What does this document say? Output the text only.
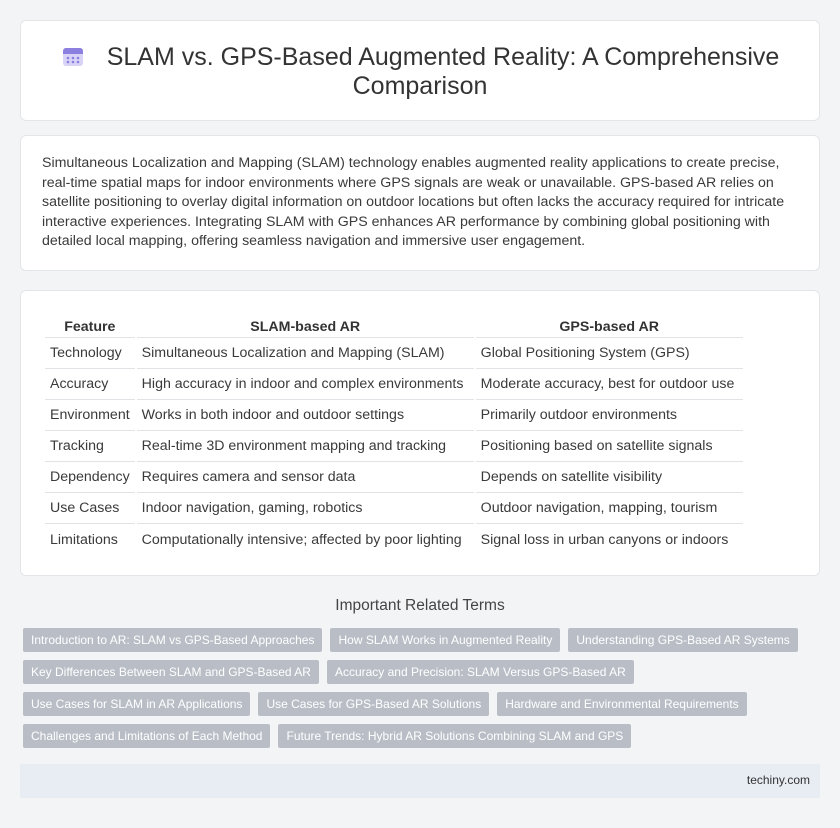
SLAM vs. GPS-Based Augmented Reality: A Comprehensive Comparison

Simultaneous Localization and Mapping (SLAM) technology enables augmented reality applications to create precise, real-time spatial maps for indoor environments where GPS signals are weak or unavailable. GPS-based AR relies on satellite positioning to overlay digital information on outdoor locations but often lacks the accuracy required for intricate interactive experiences. Integrating SLAM with GPS enhances AR performance by combining global positioning with detailed local mapping, offering seamless navigation and immersive user engagement.

Feature	SLAM-based AR	GPS-based AR
Technology	Simultaneous Localization and Mapping (SLAM)	Global Positioning System (GPS)
Accuracy	High accuracy in indoor and complex environments	Moderate accuracy, best for outdoor use
Environment	Works in both indoor and outdoor settings	Primarily outdoor environments
Tracking	Real-time 3D environment mapping and tracking	Positioning based on satellite signals
Dependency	Requires camera and sensor data	Depends on satellite visibility
Use Cases	Indoor navigation, gaming, robotics	Outdoor navigation, mapping, tourism
Limitations	Computationally intensive; affected by poor lighting	Signal loss in urban canyons or indoors
Important Related Terms
Introduction to AR: SLAM vs GPS-Based Approaches	How SLAM Works in Augmented Reality	Understanding GPS-Based AR Systems
Key Differences Between SLAM and GPS-Based AR	Accuracy and Precision: SLAM Versus GPS-Based AR
Use Cases for SLAM in AR Applications	Use Cases for GPS-Based AR Solutions	Hardware and Environmental Requirements
Challenges and Limitations of Each Method	Future Trends: Hybrid AR Solutions Combining SLAM and GPS
techiny.com
